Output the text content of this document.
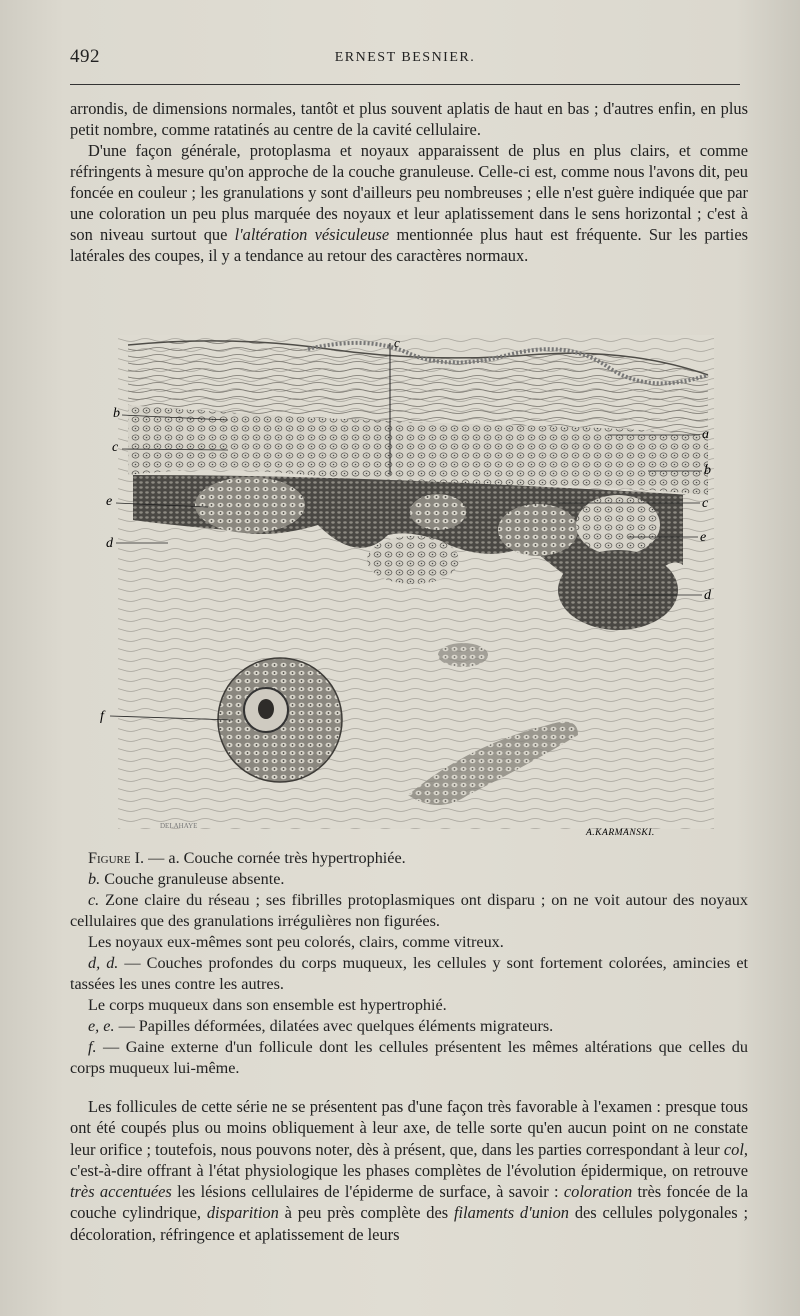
492	ERNEST BESNIER.

arrondis, de dimensions normales, tantôt et plus souvent aplatis de haut en bas ; d'autres enfin, en plus petit nombre, comme ratatinés au centre de la cavité cellulaire.

D'une façon générale, protoplasma et noyaux apparaissent de plus en plus clairs, et comme réfringents à mesure qu'on approche de la couche granuleuse. Celle-ci est, comme nous l'avons dit, peu foncée en couleur ; les granulations y sont d'ailleurs peu nombreuses ; elle n'est guère indiquée que par une coloration un peu plus marquée des noyaux et leur aplatissement dans le sens horizontal ; c'est à son niveau surtout que l'altération vésiculeuse mentionnée plus haut est fréquente. Sur les parties latérales des coupes, il y a tendance au retour des caractères normaux.

c
b
c
e
d
f
a
b
c
e
d
A.KARMANSKI.
DELAHAYE

Figure I. — a. Couche cornée très hypertrophiée.

b. Couche granuleuse absente.

c. Zone claire du réseau ; ses fibrilles protoplasmiques ont disparu ; on ne voit autour des noyaux cellulaires que des granulations irrégulières non figurées.

Les noyaux eux-mêmes sont peu colorés, clairs, comme vitreux.

d, d. — Couches profondes du corps muqueux, les cellules y sont fortement colorées, amincies et tassées les unes contre les autres.

Le corps muqueux dans son ensemble est hypertrophié.

e, e. — Papilles déformées, dilatées avec quelques éléments migrateurs.

f. — Gaine externe d'un follicule dont les cellules présentent les mêmes altérations que celles du corps muqueux lui-même.

Les follicules de cette série ne se présentent pas d'une façon très favorable à l'examen : presque tous ont été coupés plus ou moins obliquement à leur axe, de telle sorte qu'en aucun point on ne constate leur orifice ; toutefois, nous pouvons noter, dès à présent, que, dans les parties correspondant à leur col, c'est-à-dire offrant à l'état physiologique les phases complètes de l'évolution épidermique, on retrouve très accentuées les lésions cellulaires de l'épiderme de surface, à savoir : coloration très foncée de la couche cylindrique, disparition à peu près complète des filaments d'union des cellules polygonales ; décoloration, réfringence et aplatissement de leurs
